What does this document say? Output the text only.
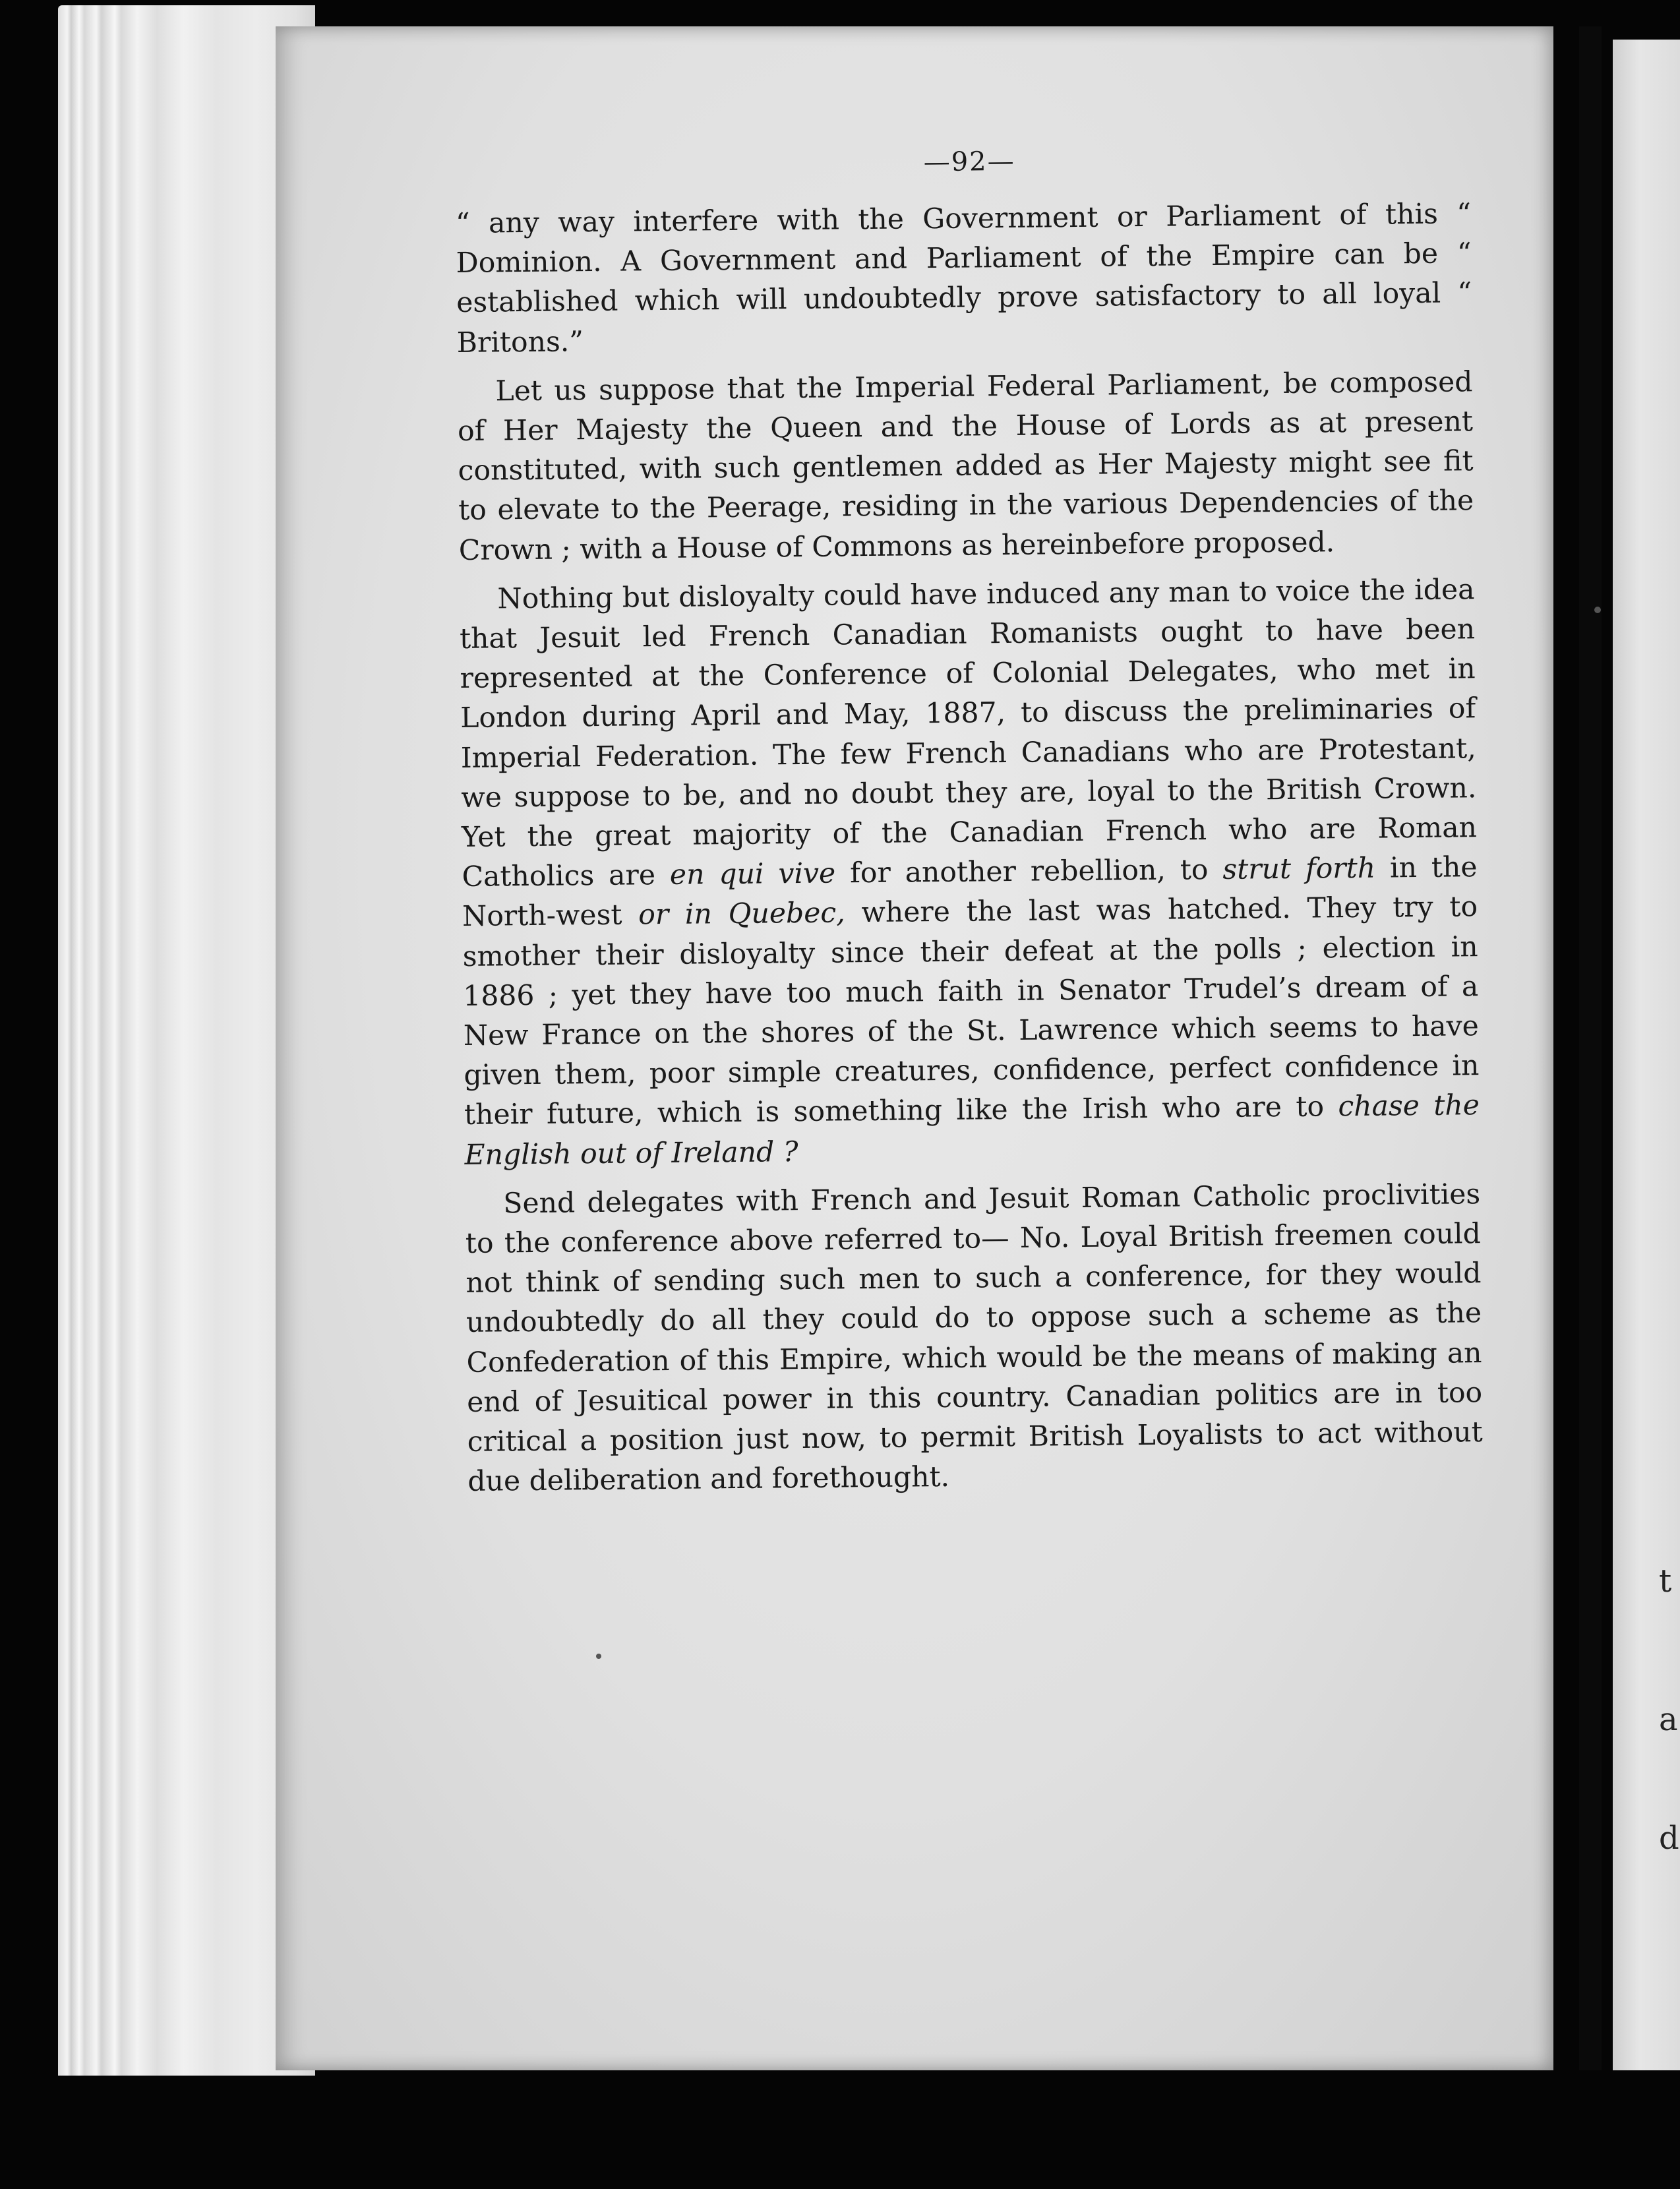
t
a
d
—92—

“ any way interfere with the Government or Parliament of this “ Dominion. A Government and Parliament of the Empire can be “ established which will undoubtedly prove satisfactory to all loyal “ Britons.”

Let us suppose that the Imperial Federal Parliament, be composed of Her Majesty the Queen and the House of Lords as at present constituted, with such gentlemen added as Her Majesty might see fit to elevate to the Peerage, residing in the various Dependencies of the Crown ; with a House of Commons as hereinbefore proposed.

Nothing but disloyalty could have induced any man to voice the idea that Jesuit led French Canadian Romanists ought to have been represented at the Conference of Colonial Delegates, who met in London during April and May, 1887, to discuss the preliminaries of Imperial Federation. The few French Canadians who are Protestant, we suppose to be, and no doubt they are, loyal to the British Crown. Yet the great majority of the Canadian French who are Roman Catholics are en qui vive for another rebellion, to strut forth in the North-west or in Quebec, where the last was hatched. They try to smother their disloyalty since their defeat at the polls ; election in 1886 ; yet they have too much faith in Senator Trudel’s dream of a New France on the shores of the St. Lawrence which seems to have given them, poor simple creatures, confidence, perfect confidence in their future, which is something like the Irish who are to chase the English out of Ireland ?

Send delegates with French and Jesuit Roman Catholic proclivities to the conference above referred to— No. Loyal British freemen could not think of sending such men to such a conference, for they would undoubtedly do all they could do to oppose such a scheme as the Confederation of this Empire, which would be the means of making an end of Jesuitical power in this country. Canadian politics are in too critical a position just now, to permit British Loyalists to act without due deliberation and forethought.
